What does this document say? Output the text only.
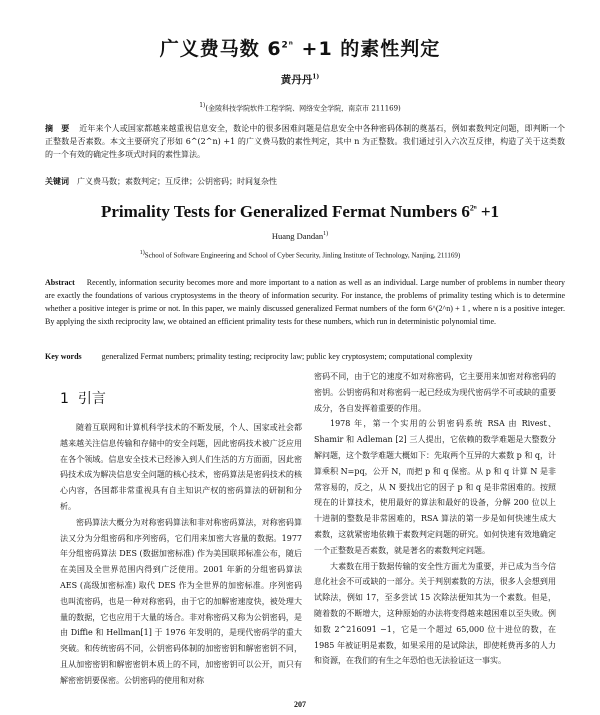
广义费马数 $6^{2^n} +1$ 的素性判定
黄丹丹$^{1)}$
$^{1)}$(金陵科技学院软件工程学院、网络安全学院，南京市 211169)
摘　要 近年来个人或国家都越来越重视信息安全，数论中的很多困难问题是信息安全中各种密码体制的奠基石，例如素数判定问题，即判断一个正整数是否素数。本文主要研究了形如 6^(2^n) +1 的广义费马数的素性判定，其中 n 为正整数。我们通过引入六次互反律，构造了关于这类数的一个有效的确定性多项式时间的素性算法。
关键词 广义费马数；素数判定；互反律；公钥密码；时间复杂性
Primality Tests for Generalized Fermat Numbers $6^{2^n} +1$
Huang Dandan$^{1)}$
$^{1)}$School of Software Engineering and School of Cyber Security, Jinling Institute of Technology, Nanjing, 211169)
Abstract Recently, information security becomes more and more important to a nation as well as an individual. Large number of problems in number theory are exactly the foundations of various cryptosystems in the theory of information security. For instance, the problems of primality testing which is to determine whether a positive integer is prime or not. In this paper, we mainly discussed generalized Fermat numbers of the form 6^(2^n) + 1 , where n is a positive integer. By applying the sixth reciprocity law, we obtained an efficient primality tests for these numbers, which run in deterministic polynomial time.
Key words	generalized Fermat numbers; primality testing; reciprocity law; public key cryptosystem; computational complexity
1 引言

随着互联网和计算机科学技术的不断发展，个人、国家或社会都越来越关注信息传输和存储中的安全问题，因此密码技术被广泛应用在各个领域。信息安全技术已经渗入到人们生活的方方面面，因此密码技术成为解决信息安全问题的核心技术，密码算法是密码技术的核心内容，各国都非常重视具有自主知识产权的密码算法的研制和分析。

密码算法大概分为对称密码算法和非对称密码算法，对称密码算法又分为分组密码和序列密码，它们用来加密大容量的数据。1977 年分组密码算法 DES (数据加密标准) 作为美国联邦标准公布，随后在美国及全世界范围内得到广泛使用。2001 年新的分组密码算法 AES (高级加密标准) 取代 DES 作为全世界的加密标准。序列密码也叫流密码，也是一种对称密码，由于它的加解密速度快，被处理大量的数据，它也应用于大量的场合。非对称密码又称为公钥密码，是由 Diffie 和 Hellman[1] 于 1976 年发明的，是现代密码学的重大突破。和传统密码不同，公钥密码体制的加密密钥和解密密钥不同，且从加密密钥和解密密钥本质上的不同，加密密钥可以公开，而只有解密密钥要保密。公钥密码的使用和对称

密码不同，由于它的速度不如对称密码，它主要用来加密对称密码的密钥。公钥密码和对称密码一起已经成为现代密码学不可或缺的重要成分，各自发挥着重要的作用。

1978 年，第一个实用的公钥密码系统 RSA 由 Rivest、Shamir 和 Adleman [2] 三人提出，它依赖的数学难题是大整数分解问题，这个数学难题大概如下：先取两个互异的大素数 p 和 q，计算乘积 N=pq，公开 N，而把 p 和 q 保密。从 p 和 q 计算 N 是非常容易的，反之，从 N 要找出它的因子 p 和 q 是非常困难的。按照现在的计算技术，使用最好的算法和最好的设备，分解 200 位以上十进制的整数是非常困难的，RSA 算法的第一步是如何快速生成大素数，这就紧密地依赖于素数判定问题的研究。如何快速有效地确定一个正整数是否素数，就是著名的素数判定问题。

大素数在用于数据传输的安全性方面尤为重要，并已成为当今信息化社会不可或缺的一部分。关于判别素数的方法，很多人会想到用试除法，例如 17，至多尝试 15 次除法便知其为一个素数。但是，随着数的不断增大，这种原始的办法将变得越来越困难以至失败。例如数 2^216091 −1，它是一个超过 65,000 位十进位的数，在 1985 年被证明是素数，如果采用的是试除法，即使耗费再多的人力和资源，在我们的有生之年恐怕也无法验证这一事实。

207
